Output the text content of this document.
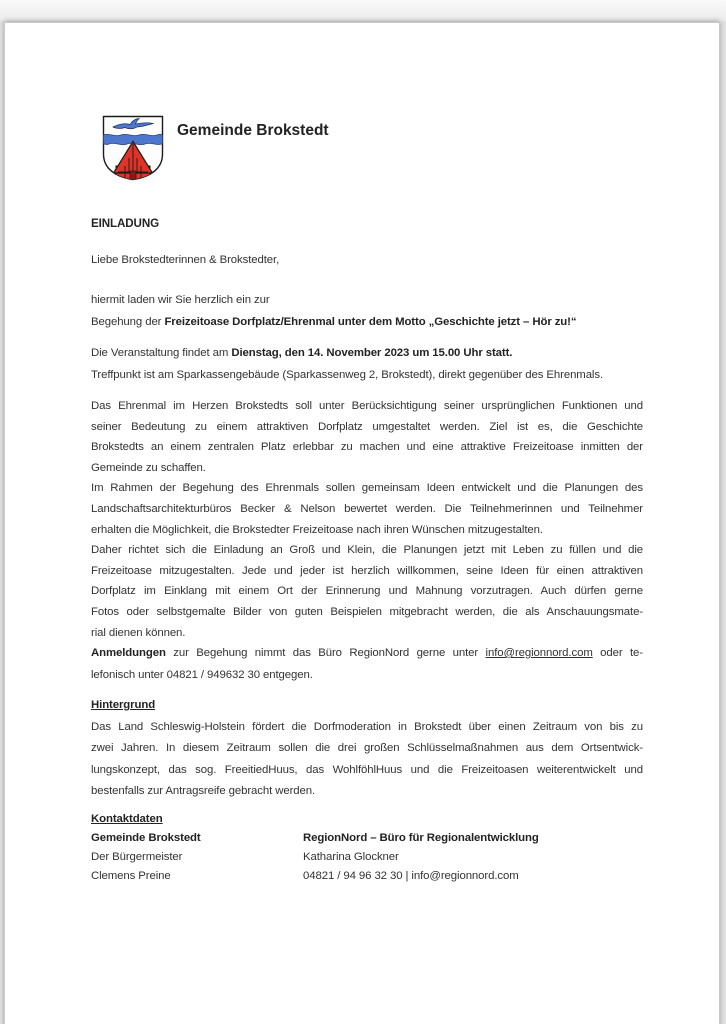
Gemeinde Brokstedt
EINLADUNG
Liebe Brokstedterinnen & Brokstedter,
hiermit laden wir Sie herzlich ein zur
Begehung der Freizeitoase Dorfplatz/Ehrenmal unter dem Motto „Geschichte jetzt – Hör zu!“
Die Veranstaltung findet am Dienstag, den 14. November 2023 um 15.00 Uhr statt.
Treffpunkt ist am Sparkassengebäude (Sparkassenweg 2, Brokstedt), direkt gegenüber des Ehrenmals.
Das Ehrenmal im Herzen Brokstedts soll unter Berücksichtigung seiner ursprünglichen Funktionen und
seiner Bedeutung zu einem attraktiven Dorfplatz umgestaltet werden. Ziel ist es, die Geschichte
Brokstedts an einem zentralen Platz erlebbar zu machen und eine attraktive Freizeitoase inmitten der
Gemeinde zu schaffen.
Im Rahmen der Begehung des Ehrenmals sollen gemeinsam Ideen entwickelt und die Planungen des
Landschaftsarchitekturbüros Becker & Nelson bewertet werden. Die Teilnehmerinnen und Teilnehmer
erhalten die Möglichkeit, die Brokstedter Freizeitoase nach ihren Wünschen mitzugestalten.
Daher richtet sich die Einladung an Groß und Klein, die Planungen jetzt mit Leben zu füllen und die
Freizeitoase mitzugestalten. Jede und jeder ist herzlich willkommen, seine Ideen für einen attraktiven
Dorfplatz im Einklang mit einem Ort der Erinnerung und Mahnung vorzutragen. Auch dürfen gerne
Fotos oder selbstgemalte Bilder von guten Beispielen mitgebracht werden, die als Anschauungsmate-
rial dienen können.
Anmeldungen zur Begehung nimmt das Büro RegionNord gerne unter info@regionnord.com oder te-
lefonisch unter 04821 / 949632 30 entgegen.
Hintergrund
Das Land Schleswig-Holstein fördert die Dorfmoderation in Brokstedt über einen Zeitraum von bis zu
zwei Jahren. In diesem Zeitraum sollen die drei großen Schlüsselmaßnahmen aus dem Ortsentwick-
lungskonzept, das sog. FreeitiedHuus, das WohlföhlHuus und die Freizeitoasen weiterentwickelt und
bestenfalls zur Antragsreife gebracht werden.
Kontaktdaten
Gemeinde Brokstedt
Der Bürgermeister
Clemens Preine
RegionNord – Büro für Regionalentwicklung
Katharina Glockner
04821 / 94 96 32 30 | info@regionnord.com
